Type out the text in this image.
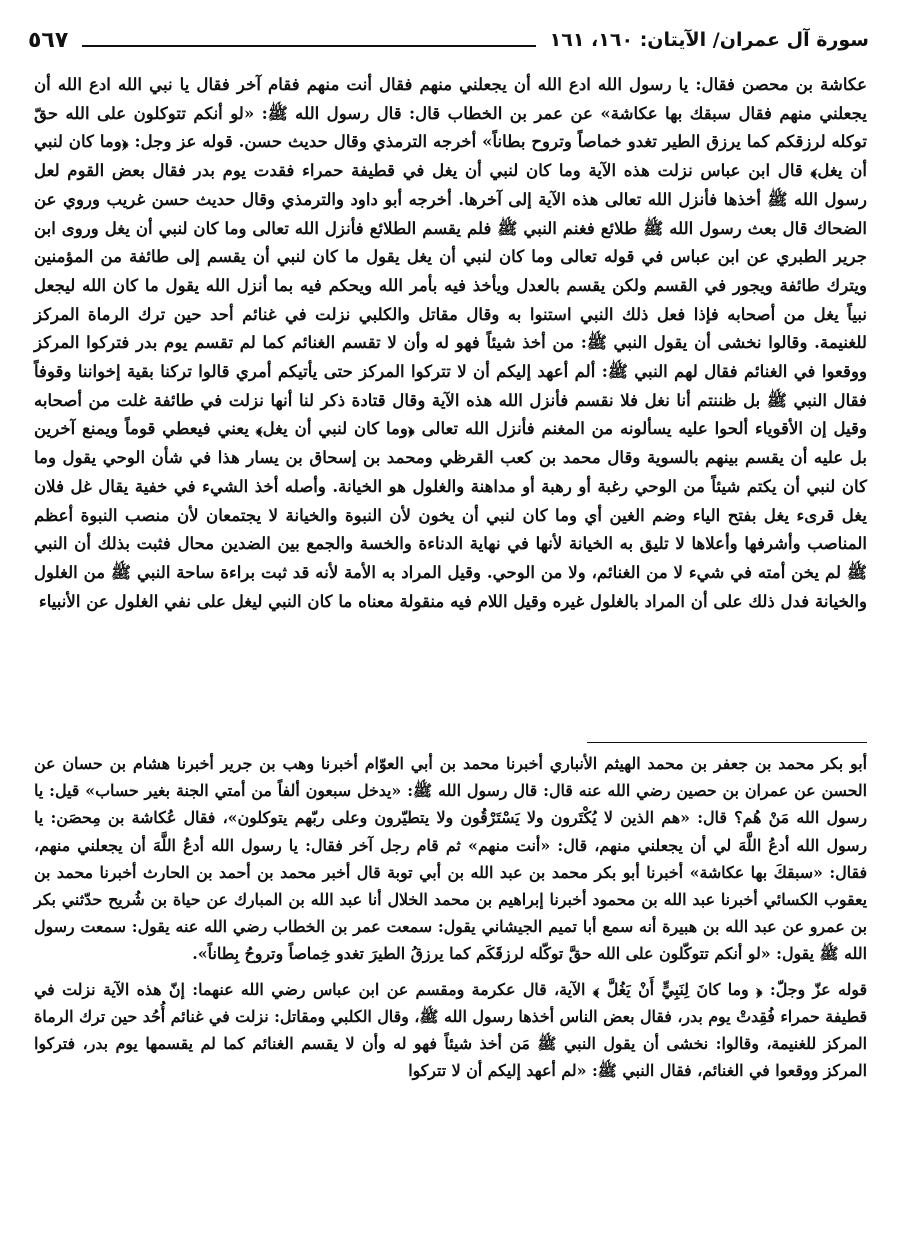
سورة آل عمران/ الآيتان: ١٦٠، ١٦١
٥٦٧

عكاشة بن محصن فقال: يا رسول الله ادع الله أن يجعلني منهم فقال أنت منهم فقام آخر فقال يا نبي الله ادع الله أن يجعلني منهم فقال سبقك بها عكاشة» عن عمر بن الخطاب قال: قال رسول الله ﷺ: «لو أنكم تتوكلون على الله حقّ توكله لرزقكم كما يرزق الطير تغدو خماصاً وتروح بطاناً» أخرجه الترمذي وقال حديث حسن. قوله عز وجل: ﴿وما كان لنبي أن يغل﴾ قال ابن عباس نزلت هذه الآية وما كان لنبي أن يغل في قطيفة حمراء فقدت يوم بدر فقال بعض القوم لعل رسول الله ﷺ أخذها فأنزل الله تعالى هذه الآية إلى آخرها. أخرجه أبو داود والترمذي وقال حديث حسن غريب وروي عن الضحاك قال بعث رسول الله ﷺ طلائع فغنم النبي ﷺ فلم يقسم الطلائع فأنزل الله تعالى وما كان لنبي أن يغل وروى ابن جرير الطبري عن ابن عباس في قوله تعالى وما كان لنبي أن يغل يقول ما كان لنبي أن يقسم إلى طائفة من المؤمنين ويترك طائفة ويجور في القسم ولكن يقسم بالعدل ويأخذ فيه بأمر الله ويحكم فيه بما أنزل الله يقول ما كان الله ليجعل نبياً يغل من أصحابه فإذا فعل ذلك النبي استنوا به وقال مقاتل والكلبي نزلت في غنائم أحد حين ترك الرماة المركز للغنيمة. وقالوا نخشى أن يقول النبي ﷺ: من أخذ شيئاً فهو له وأن لا تقسم الغنائم كما لم تقسم يوم بدر فتركوا المركز ووقعوا في الغنائم فقال لهم النبي ﷺ: ألم أعهد إليكم أن لا تتركوا المركز حتى يأتيكم أمري قالوا تركنا بقية إخواننا وقوفاً فقال النبي ﷺ بل ظننتم أنا نغل فلا نقسم فأنزل الله هذه الآية وقال قتادة ذكر لنا أنها نزلت في طائفة غلت من أصحابه وقيل إن الأقوياء ألحوا عليه يسألونه من المغنم فأنزل الله تعالى ﴿وما كان لنبي أن يغل﴾ يعني فيعطي قوماً ويمنع آخرين بل عليه أن يقسم بينهم بالسوية وقال محمد بن كعب القرظي ومحمد بن إسحاق بن يسار هذا في شأن الوحي يقول وما كان لنبي أن يكتم شيئاً من الوحي رغبة أو رهبة أو مداهنة والغلول هو الخيانة. وأصله أخذ الشيء في خفية يقال غل فلان يغل قرىء يغل بفتح الياء وضم الغين أي وما كان لنبي أن يخون لأن النبوة والخيانة لا يجتمعان لأن منصب النبوة أعظم المناصب وأشرفها وأعلاها لا تليق به الخيانة لأنها في نهاية الدناءة والخسة والجمع بين الضدين محال فثبت بذلك أن النبي ﷺ لم يخن أمته في شيء لا من الغنائم، ولا من الوحي. وقيل المراد به الأمة لأنه قد ثبت براءة ساحة النبي ﷺ من الغلول والخيانة فدل ذلك على أن المراد بالغلول غيره وقيل اللام فيه منقولة معناه ما كان النبي ليغل على نفي الغلول عن الأنبياء

أبو بكر محمد بن جعفر بن محمد الهيثم الأنباري أخبرنا محمد بن أبي العوّام أخبرنا وهب بن جرير أخبرنا هشام بن حسان عن الحسن عن عمران بن حصين رضي الله عنه قال: قال رسول الله ﷺ: «يدخل سبعون ألفاً من أمتي الجنة بغير حساب» قيل: يا رسول الله مَنْ هُم؟ قال: «هم الذين لا يُكْتَرون ولا يَسْتَرْقُون ولا يتطيّرون وعلى ربّهم يتوكلون»، فقال عُكاشة بن مِحصَن: يا رسول الله أدعُ اللَّهَ لي أن يجعلني منهم، قال: «أنت منهم» ثم قام رجل آخر فقال: يا رسول الله أدعُ اللَّهَ أن يجعلني منهم، فقال: «سبقكَ بها عكاشة» أخبرنا أبو بكر محمد بن عبد الله بن أبي توبة قال أخبر محمد بن أحمد بن الحارث أخبرنا محمد بن يعقوب الكسائي أخبرنا عبد الله بن محمود أخبرنا إبراهيم بن محمد الخلال أنا عبد الله بن المبارك عن حياة بن شُريح حدّثني بكر بن عمرو عن عبد الله بن هبيرة أنه سمع أبا تميم الجيشاني يقول: سمعت عمر بن الخطاب رضي الله عنه يقول: سمعت رسول الله ﷺ يقول: «لو أنكم تتوكّلون على الله حقَّ توكّله لرزقَكَم كما يرزقُ الطيرَ تغدو خِماصاً وتروحُ بِطاناً».

قوله عزّ وجلّ: ﴿ وما كانَ لِنَبِيٍّ أَنْ يَغُلَّ ﴾ الآية، قال عكرمة ومقسم عن ابن عباس رضي الله عنهما: إنّ هذه الآية نزلت في قطيفة حمراء فُقِدتْ يوم بدر، فقال بعض الناس أخذها رسول الله ﷺ، وقال الكلبي ومقاتل: نزلت في غنائم أُحُد حين ترك الرماة المركز للغنيمة، وقالوا: نخشى أن يقول النبي ﷺ مَن أخذ شيئاً فهو له وأن لا يقسم الغنائم كما لم يقسمها يوم بدر، فتركوا المركز ووقعوا في الغنائم، فقال النبي ﷺ: «لم أعهد إليكم أن لا تتركوا
